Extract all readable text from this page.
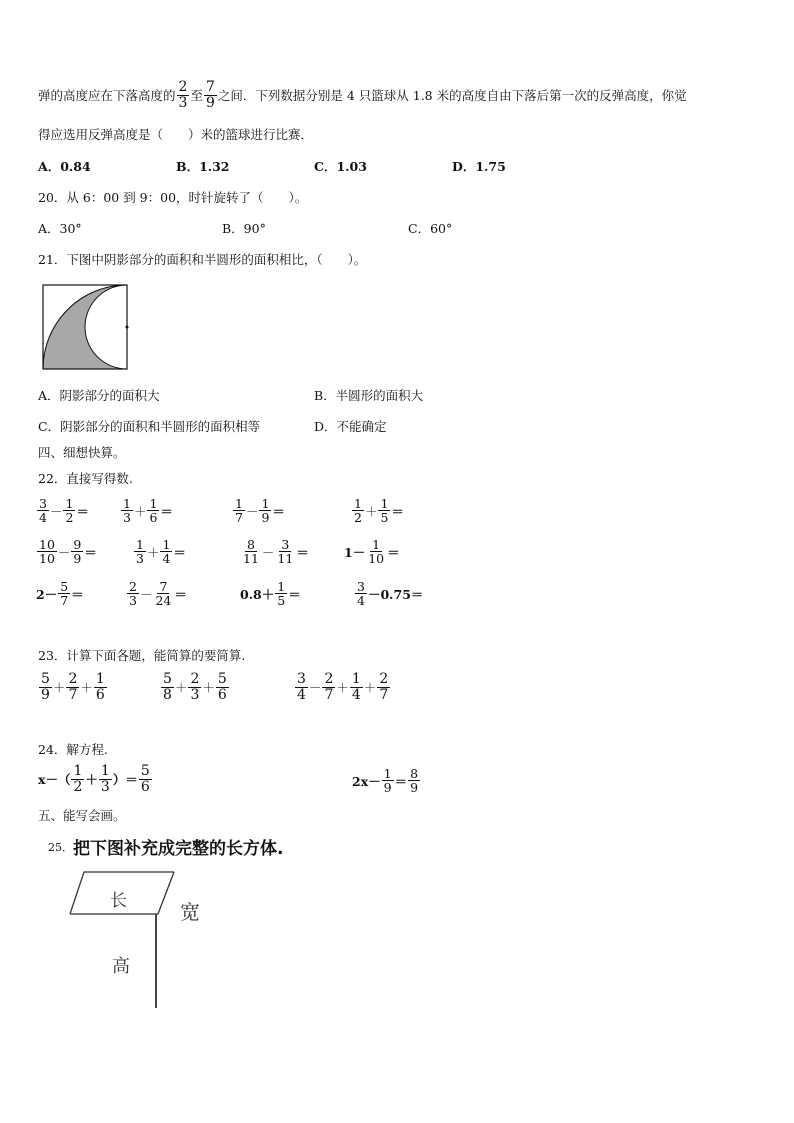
弹的高度应在下落高度的 $\frac{2}{3}$ 至 $\frac{7}{9}$ 之间．下列数据分别是 4 只篮球从 1.8 米的高度自由下落后第一次的反弹高度，你觉
得应选用反弹高度是（　　）米的篮球进行比赛．
A．0.84	B．1.32	C．1.03	D．1.75
20．从 6：00 到 9：00，时针旋转了（　　）。
A．30°	B．90°	C．60°
21．下图中阴影部分的面积和半圆形的面积相比，（　　）。
A．阴影部分的面积大	B．半圆形的面积大
C．阴影部分的面积和半圆形的面积相等	D．不能确定
四、细想快算。
22．直接写得数.
$\frac{3}{4} - \frac{1}{2}$ ＝	$\frac{1}{3} + \frac{1}{6}$ ＝	$\frac{1}{7} - \frac{1}{9}$ ＝	$\frac{1}{2} + \frac{1}{5}$ ＝
$\frac{10}{10} - \frac{9}{9}$ ＝	$\frac{1}{3} + \frac{1}{4}$ ＝	$\frac{8}{11} - \frac{3}{11}$ ＝	$1- \frac{1}{10}$ ＝
$2- \frac{5}{7}$ ＝	$\frac{2}{3} - \frac{7}{24}$ ＝	$0.8+ \frac{1}{5}$ ＝	$\frac{3}{4} -0.75=$
23．计算下面各题，能简算的要简算.
$\frac{5}{9} + \frac{2}{7} + \frac{1}{6}$	$\frac{5}{8} + \frac{2}{3} + \frac{5}{6}$	$\frac{3}{4} - \frac{2}{7} + \frac{1}{4} + \frac{2}{7}$
24．解方程.
$x-( \frac{1}{2} + \frac{1}{3}$ ）＝ $\frac{5}{6}$	$2x- \frac{1}{9} = \frac{8}{9}$
五、能写会画。
25． 把下图补充成完整的长方体.
长	宽
高
